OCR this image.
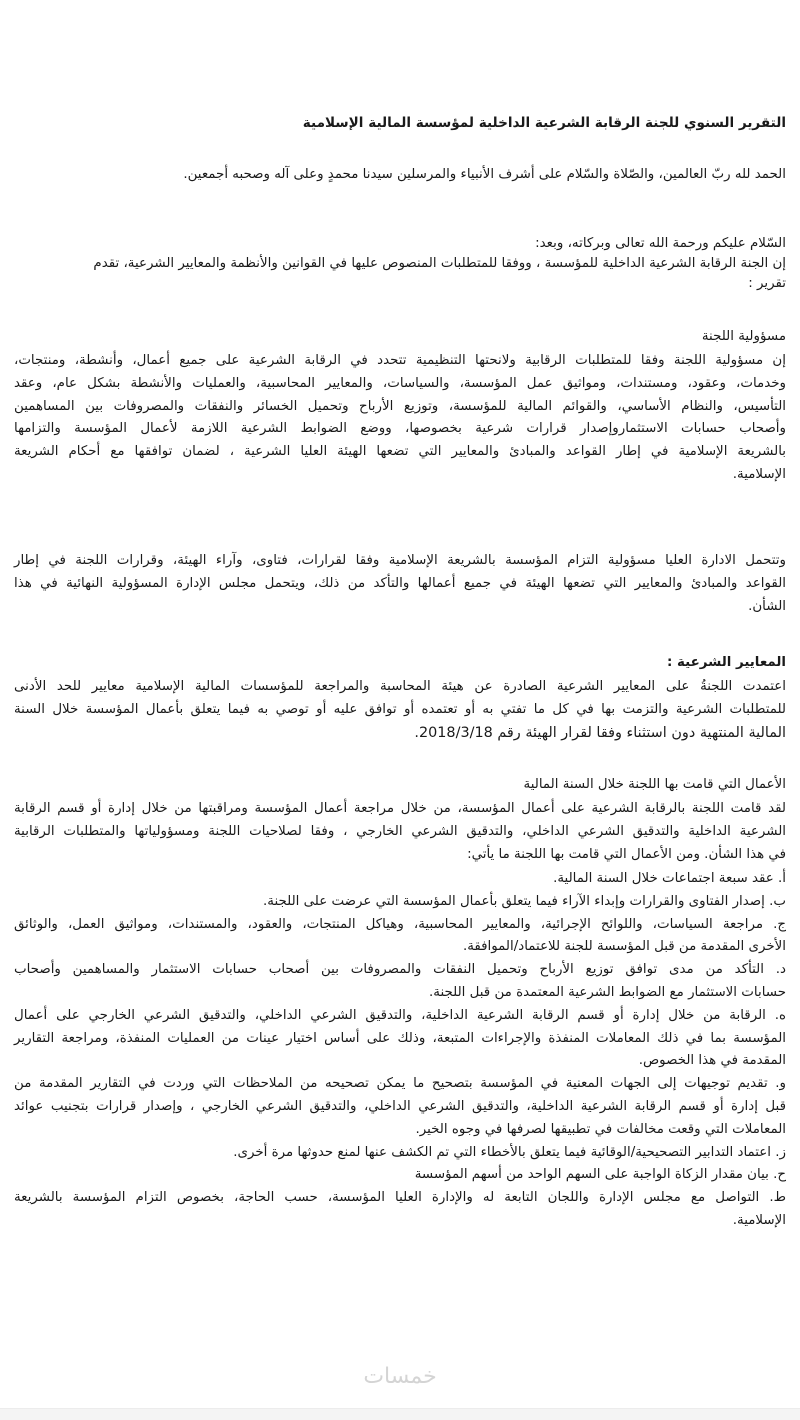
التقرير السنوي للجنة الرقابة الشرعية الداخلية لمؤسسة المالية الإسلامية

الحمد لله ربّ العالمين، والصّلاة والسّلام على أشرف الأنبياء والمرسلين سيدنا محمدٍ وعلى آله وصحبه أجمعين.

السّلام عليكم ورحمة الله تعالى وبركاته، وبعد:
إن الجنة الرقابة الشرعية الداخلية للمؤسسة ، ووفقا للمتطلبات المنصوص عليها في القوانين والأنظمة والمعايير الشرعية، تقدم
تقرير :

مسؤولية اللجنة

إن مسؤولية اللجنة وفقا للمتطلبات الرقابية ولانحتها التنظيمية تتحدد في الرقابة الشرعية على جميع أعمال، وأنشطة، ومنتجات،
وخدمات، وعقود، ومستندات، ومواثيق عمل المؤسسة، والسياسات، والمعايير المحاسبية، والعمليات والأنشطة بشكل عام، وعقد
التأسيس، والنظام الأساسي، والقوائم المالية للمؤسسة، وتوزيع الأرباح وتحميل الخسائر والنفقات والمصروفات بين المساهمين
وأصحاب حسابات الاستثماروإصدار قرارات شرعية بخصوصها، ووضع الضوابط الشرعية اللازمة لأعمال المؤسسة والتزامها
بالشريعة الإسلامية في إطار القواعد والمبادئ والمعايير التي تضعها الهيئة العليا الشرعية ، لضمان توافقها مع أحكام الشريعة
الإسلامية.

وتتحمل الادارة العليا مسؤولية التزام المؤسسة بالشريعة الإسلامية وفقا لقرارات، فتاوى، وآراء الهيئة، وقرارات اللجنة في إطار
القواعد والمبادئ والمعايير التي تضعها الهيئة في جميع أعمالها والتأكد من ذلك، ويتحمل مجلس الإدارة المسؤولية النهائية في هذا
الشأن.

المعايير الشرعية :

اعتمدت اللجنةُ على المعايير الشرعية الصادرة عن هيئة المحاسبة والمراجعة للمؤسسات المالية الإسلامية معايير للحد الأدنى
للمتطلبات الشرعية والتزمت بها في كل ما تفتي به أو تعتمده أو توافق عليه أو توصي به فيما يتعلق بأعمال المؤسسة خلال السنة
المالية المنتهية دون استثناء وفقا لقرار الهيئة رقم 2018/3/18.

الأعمال التي قامت بها اللجنة خلال السنة المالية

لقد قامت اللجنة بالرقابة الشرعية على أعمال المؤسسة، من خلال مراجعة أعمال المؤسسة ومراقبتها من خلال إدارة أو قسم الرقابة
الشرعية الداخلية والتدقيق الشرعي الداخلي، والتدقيق الشرعي الخارجي ، وفقا لصلاحيات اللجنة ومسؤولياتها والمتطلبات الرقابية
في هذا الشأن. ومن الأعمال التي قامت بها اللجنة ما يأتي:

أ. عقد سبعة اجتماعات خلال السنة المالية.
ب. إصدار الفتاوى والقرارات وإبداء الآراء فيما يتعلق بأعمال المؤسسة التي عرضت على اللجنة.
ج. مراجعة السياسات، واللوائح الإجرائية، والمعايير المحاسبية، وهياكل المنتجات، والعقود، والمستندات، ومواثيق العمل، والوثائق
الأخرى المقدمة من قبل المؤسسة للجنة للاعتماد/الموافقة.
د. التأكد من مدى توافق توزيع الأرباح وتحميل النفقات والمصروفات بين أصحاب حسابات الاستثمار والمساهمين وأصحاب
حسابات الاستثمار مع الضوابط الشرعية المعتمدة من قبل اللجنة.
ه. الرقابة من خلال إدارة أو قسم الرقابة الشرعية الداخلية، والتدقيق الشرعي الداخلي، والتدقيق الشرعي الخارجي على أعمال
المؤسسة بما في ذلك المعاملات المنفذة والإجراءات المتبعة، وذلك على أساس اختيار عينات من العمليات المنفذة، ومراجعة التقارير
المقدمة في هذا الخصوص.
و. تقديم توجيهات إلى الجهات المعنية في المؤسسة بتصحيح ما يمكن تصحيحه من الملاحظات التي وردت في التقارير المقدمة من
قبل إدارة أو قسم الرقابة الشرعية الداخلية، والتدقيق الشرعي الداخلي، والتدقيق الشرعي الخارجي ، وإصدار قرارات بتجنيب عوائد
المعاملات التي وقعت مخالفات في تطبيقها لصرفها في وجوه الخير.
ز. اعتماد التدابير التصحيحية/الوقائية فيما يتعلق بالأخطاء التي تم الكشف عنها لمنع حدوثها مرة أخرى.
ح. بيان مقدار الزكاة الواجبة على السهم الواحد من أسهم المؤسسة
ط. التواصل مع مجلس الإدارة واللجان التابعة له والإدارة العليا المؤسسة، حسب الحاجة، بخصوص التزام المؤسسة بالشريعة
الإسلامية.
خمسات
